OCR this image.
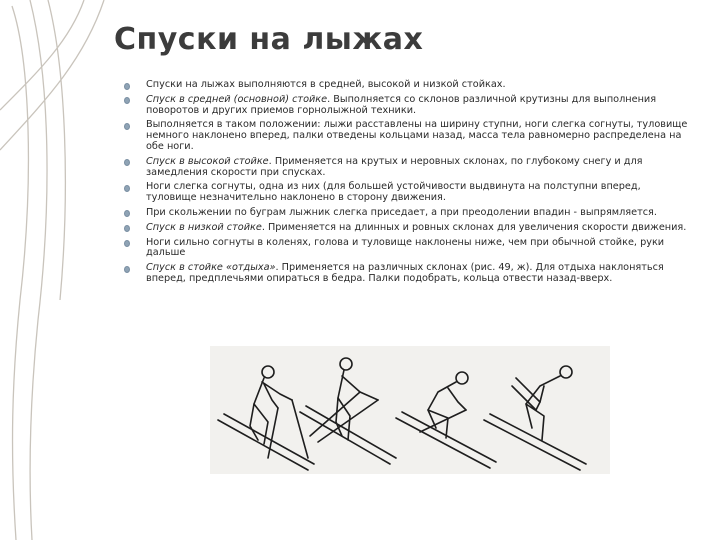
Спуски на лыжах
Спуски на лыжах выполняются в средней, высокой и низкой стойках.
Спуск в средней (основной) стойке. Выполняется со склонов различной крутизны для выполнения поворотов и других приемов горнолыжной техники.
Выполняется в таком положении: лыжи расставлены на ширину ступни, ноги слегка согнуты, туловище немного наклонено вперед, палки отведены кольцами назад, масса тела равномерно распределена на обе ноги.
Спуск в высокой стойке. Применяется на крутых и неровных склонах, по глубокому снегу и для замедления скорости при спусках.
Ноги слегка согнуты, одна из них (для большей устойчивости выдвинута на полступни вперед, туловище незначительно наклонено в сторону движения.
При скольжении по буграм лыжник слегка приседает, а при преодолении впадин - выпрямляется.
Спуск в низкой стойке. Применяется на длинных и ровных склонах для увеличения скорости движения.
Ноги сильно согнуты в коленях, голова и туловище наклонены ниже, чем при обычной стойке, руки дальше
Спуск в стойке «отдыха». Применяется на различных склонах (рис. 49, ж). Для отдыха наклоняться вперед, предплечьями опираться в бедра. Палки подобрать, кольца отвести назад-вверх.
